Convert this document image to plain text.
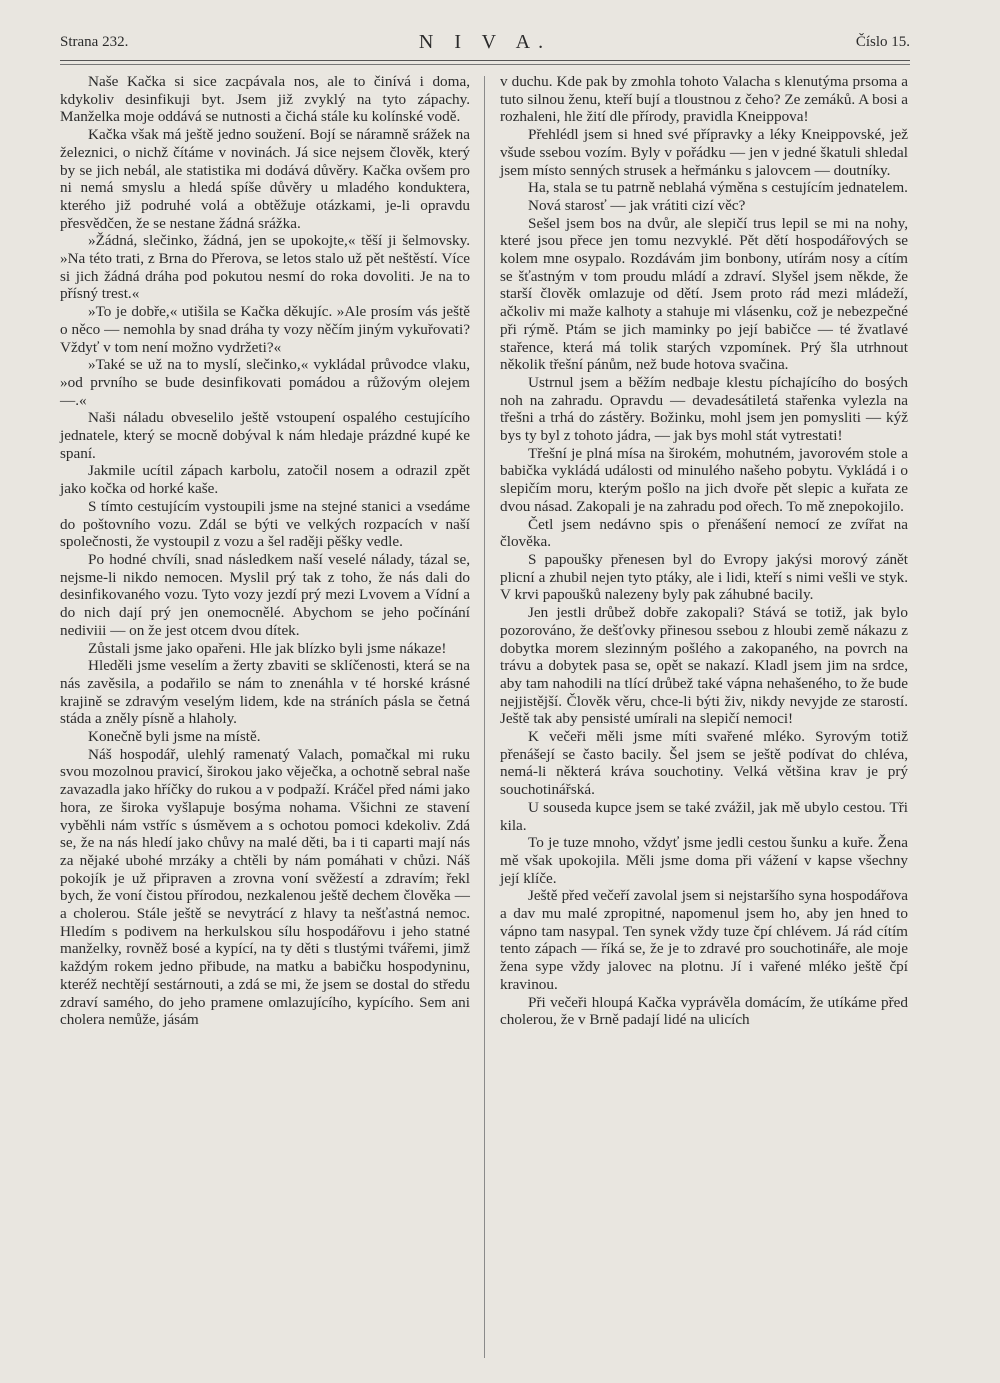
Strana 232.	N I V A.	Číslo 15.

Naše Kačka si sice zacpávala nos, ale to činívá i doma, kdykoliv desinfikuji byt. Jsem již zvyklý na tyto zápachy. Manželka moje oddává se nutnosti a čichá stále ku kolínské vodě.

Kačka však má ještě jedno soužení. Bojí se náramně srážek na železnici, o nichž čítáme v novinách. Já sice nejsem člověk, který by se jich nebál, ale statistika mi dodává důvěry. Kačka ovšem pro ni nemá smyslu a hledá spíše důvěry u mladého konduktera, kterého již podruhé volá a obtěžuje otázkami, je-li opravdu přesvědčen, že se nestane žádná srážka.

»Žádná, slečinko, žádná, jen se upokojte,« těší ji šelmovsky. »Na této trati, z Brna do Přerova, se letos stalo už pět neštěstí. Více si jich žádná dráha pod pokutou nesmí do roka dovoliti. Je na to přísný trest.«

»To je dobře,« utišila se Kačka děkujíc. »Ale prosím vás ještě o něco — nemohla by snad dráha ty vozy něčím jiným vykuřovati? Vždyť v tom není možno vydržeti?«

»Také se už na to myslí, slečinko,« vykládal průvodce vlaku, »od prvního se bude desinfikovati pomádou a růžovým olejem —.«

Naši náladu obveselilo ještě vstoupení ospalého cestujícího jednatele, který se mocně dobýval k nám hledaje prázdné kupé ke spaní.

Jakmile ucítil zápach karbolu, zatočil nosem a odrazil zpět jako kočka od horké kaše.

S tímto cestujícím vystoupili jsme na stejné stanici a vsedáme do poštovního vozu. Zdál se býti ve velkých rozpacích v naší společnosti, že vystoupil z vozu a šel raději pěšky vedle.

Po hodné chvíli, snad následkem naší veselé nálady, tázal se, nejsme-li nikdo nemocen. Myslil prý tak z toho, že nás dali do desinfikovaného vozu. Tyto vozy jezdí prý mezi Lvovem a Vídní a do nich dají prý jen onemocnělé. Abychom se jeho počínání nediviii — on že jest otcem dvou dítek.

Zůstali jsme jako opařeni. Hle jak blízko byli jsme nákaze!

Hleděli jsme veselím a žerty zbaviti se sklíčenosti, která se na nás zavěsila, a podařilo se nám to znenáhla v té horské krásné krajině se zdravým veselým lidem, kde na stráních pásla se četná stáda a zněly písně a hlaholy.

Konečně byli jsme na místě.

Náš hospodář, ulehlý ramenatý Valach, pomačkal mi ruku svou mozolnou pravicí, širokou jako věječka, a ochotně sebral naše zavazadla jako hříčky do rukou a v podpaží. Kráčel před námi jako hora, ze široka vyšlapuje bosýma nohama. Všichni ze stavení vyběhli nám vstříc s úsměvem a s ochotou pomoci kdekoliv. Zdá se, že na nás hledí jako chůvy na malé děti, ba i ti caparti mají nás za nějaké ubohé mrzáky a chtěli by nám pomáhati v chůzi. Náš pokojík je už připraven a zrovna voní svěžestí a zdravím; řekl bych, že voní čistou přírodou, nezkalenou ještě dechem člověka — a cholerou. Stále ještě se nevytrácí z hlavy ta nešťastná nemoc. Hledím s podivem na herkulskou sílu hospodářovu i jeho statné manželky, rovněž bosé a kypící, na ty děti s tlustými tvářemi, jimž každým rokem jedno přibude, na matku a babičku hospodyninu, kteréž nechtějí sestárnouti, a zdá se mi, že jsem se dostal do středu zdraví samého, do jeho pramene omlazujícího, kypícího. Sem ani cholera nemůže, jásám

v duchu. Kde pak by zmohla tohoto Valacha s klenutýma prsoma a tuto silnou ženu, kteří bují a tloustnou z čeho? Ze zemáků. A bosi a rozhaleni, hle žití dle přírody, pravidla Kneippova!

Přehlédl jsem si hned své přípravky a léky Kneippovské, jež všude ssebou vozím. Byly v pořádku — jen v jedné škatuli shledal jsem místo senných strusek a heřmánku s jalovcem — doutníky.

Ha, stala se tu patrně neblahá výměna s cestujícím jednatelem.

Nová starosť — jak vrátiti cizí věc?

Sešel jsem bos na dvůr, ale slepičí trus lepil se mi na nohy, které jsou přece jen tomu nezvyklé. Pět dětí hospodářových se kolem mne osypalo. Rozdávám jim bonbony, utírám nosy a cítím se šťastným v tom proudu mládí a zdraví. Slyšel jsem někde, že starší člověk omlazuje od dětí. Jsem proto rád mezi mládeží, ačkoliv mi maže kalhoty a stahuje mi vlásenku, což je nebezpečné při rýmě. Ptám se jich maminky po její babičce — té žvatlavé stařence, která má tolik starých vzpomínek. Prý šla utrhnout několik třešní pánům, než bude hotova svačina.

Ustrnul jsem a běžím nedbaje klestu píchajícího do bosých noh na zahradu. Opravdu — devadesátiletá stařenka vylezla na třešni a trhá do zástěry. Božinku, mohl jsem jen pomysliti — kýž bys ty byl z tohoto jádra, — jak bys mohl stát vytrestati!

Třešní je plná mísa na širokém, mohutném, javorovém stole a babička vykládá události od minulého našeho pobytu. Vykládá i o slepičím moru, kterým pošlo na jich dvoře pět slepic a kuřata ze dvou násad. Zakopali je na zahradu pod ořech. To mě znepokojilo.

Četl jsem nedávno spis o přenášení nemocí ze zvířat na člověka.

S papoušky přenesen byl do Evropy jakýsi morový zánět plicní a zhubil nejen tyto ptáky, ale i lidi, kteří s nimi vešli ve styk. V krvi papoušků nalezeny byly pak záhubné bacily.

Jen jestli drůbež dobře zakopali? Stává se totiž, jak bylo pozorováno, že dešťovky přinesou ssebou z hloubi země nákazu z dobytka morem slezinným pošlého a zakopaného, na povrch na trávu a dobytek pasa se, opět se nakazí. Kladl jsem jim na srdce, aby tam nahodili na tlící drůbež také vápna nehašeného, to že bude nejjistější. Člověk věru, chce-li býti živ, nikdy nevyjde ze starostí. Ještě tak aby pensisté umírali na slepičí nemoci!

K večeři měli jsme míti svařené mléko. Syrovým totiž přenášejí se často bacily. Šel jsem se ještě podívat do chléva, nemá-li některá kráva souchotiny. Velká většina krav je prý souchotinářská.

U souseda kupce jsem se také zvážil, jak mě ubylo cestou. Tři kila.

To je tuze mnoho, vždyť jsme jedli cestou šunku a kuře. Žena mě však upokojila. Měli jsme doma při vážení v kapse všechny její klíče.

Ještě před večeří zavolal jsem si nejstaršího syna hospodářova a dav mu malé zpropitné, napomenul jsem ho, aby jen hned to vápno tam nasypal. Ten synek vždy tuze čpí chlévem. Já rád cítím tento zápach — říká se, že je to zdravé pro souchotináře, ale moje žena sype vždy jalovec na plotnu. Jí i vařené mléko ještě čpí kravinou.

Při večeři hloupá Kačka vyprávěla domácím, že utíkáme před cholerou, že v Brně padají lidé na ulicích
